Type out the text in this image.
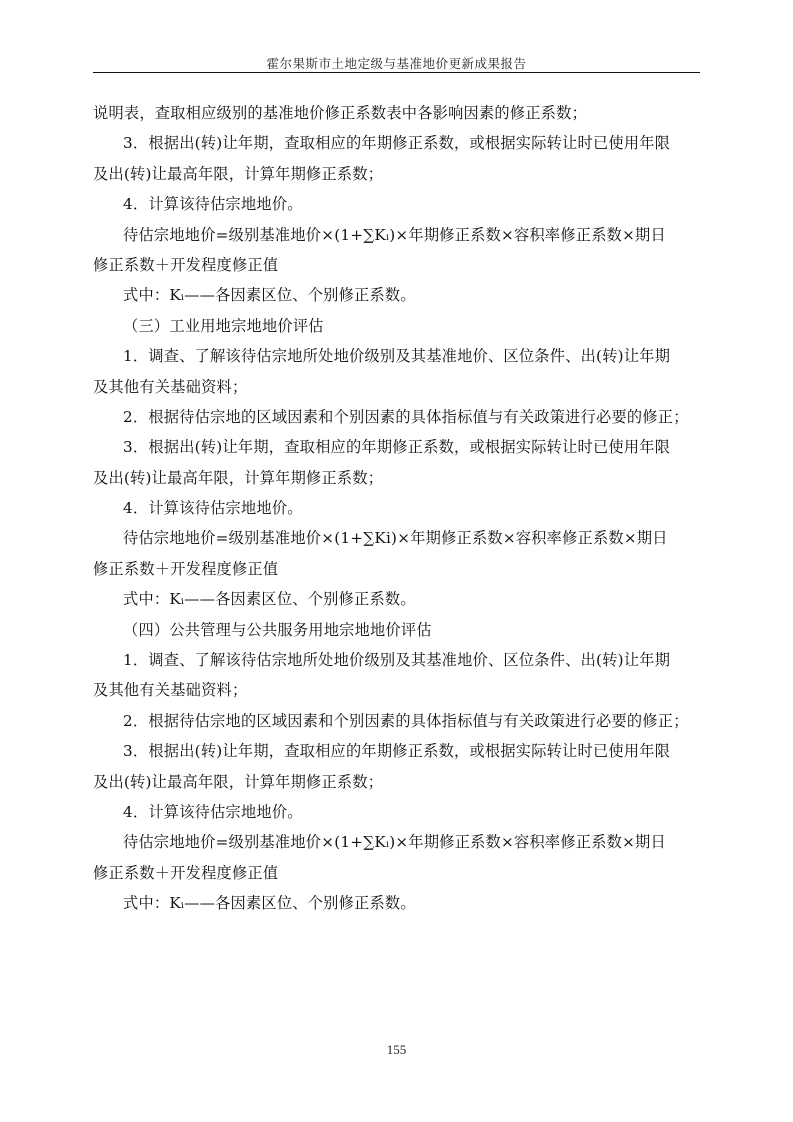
霍尔果斯市土地定级与基准地价更新成果报告
说明表，查取相应级别的基准地价修正系数表中各影响因素的修正系数；
3．根据出(转)让年期，查取相应的年期修正系数，或根据实际转让时已使用年限
及出(转)让最高年限，计算年期修正系数；
4．计算该待估宗地地价。
待估宗地地价=级别基准地价×(1+∑Kᵢ)×年期修正系数×容积率修正系数×期日
修正系数＋开发程度修正值
式中：Kᵢ——各因素区位、个别修正系数。
（三）工业用地宗地地价评估
1．调查、了解该待估宗地所处地价级别及其基准地价、区位条件、出(转)让年期
及其他有关基础资料；
2．根据待估宗地的区域因素和个别因素的具体指标值与有关政策进行必要的修正；
3．根据出(转)让年期，查取相应的年期修正系数，或根据实际转让时已使用年限
及出(转)让最高年限，计算年期修正系数；
4．计算该待估宗地地价。
待估宗地地价=级别基准地价×(1+∑Ki)×年期修正系数×容积率修正系数×期日
修正系数＋开发程度修正值
式中：Kᵢ——各因素区位、个别修正系数。
（四）公共管理与公共服务用地宗地地价评估
1．调查、了解该待估宗地所处地价级别及其基准地价、区位条件、出(转)让年期
及其他有关基础资料；
2．根据待估宗地的区域因素和个别因素的具体指标值与有关政策进行必要的修正；
3．根据出(转)让年期，查取相应的年期修正系数，或根据实际转让时已使用年限
及出(转)让最高年限，计算年期修正系数；
4．计算该待估宗地地价。
待估宗地地价=级别基准地价×(1+∑Kᵢ)×年期修正系数×容积率修正系数×期日
修正系数＋开发程度修正值
式中：Kᵢ——各因素区位、个别修正系数。
155
